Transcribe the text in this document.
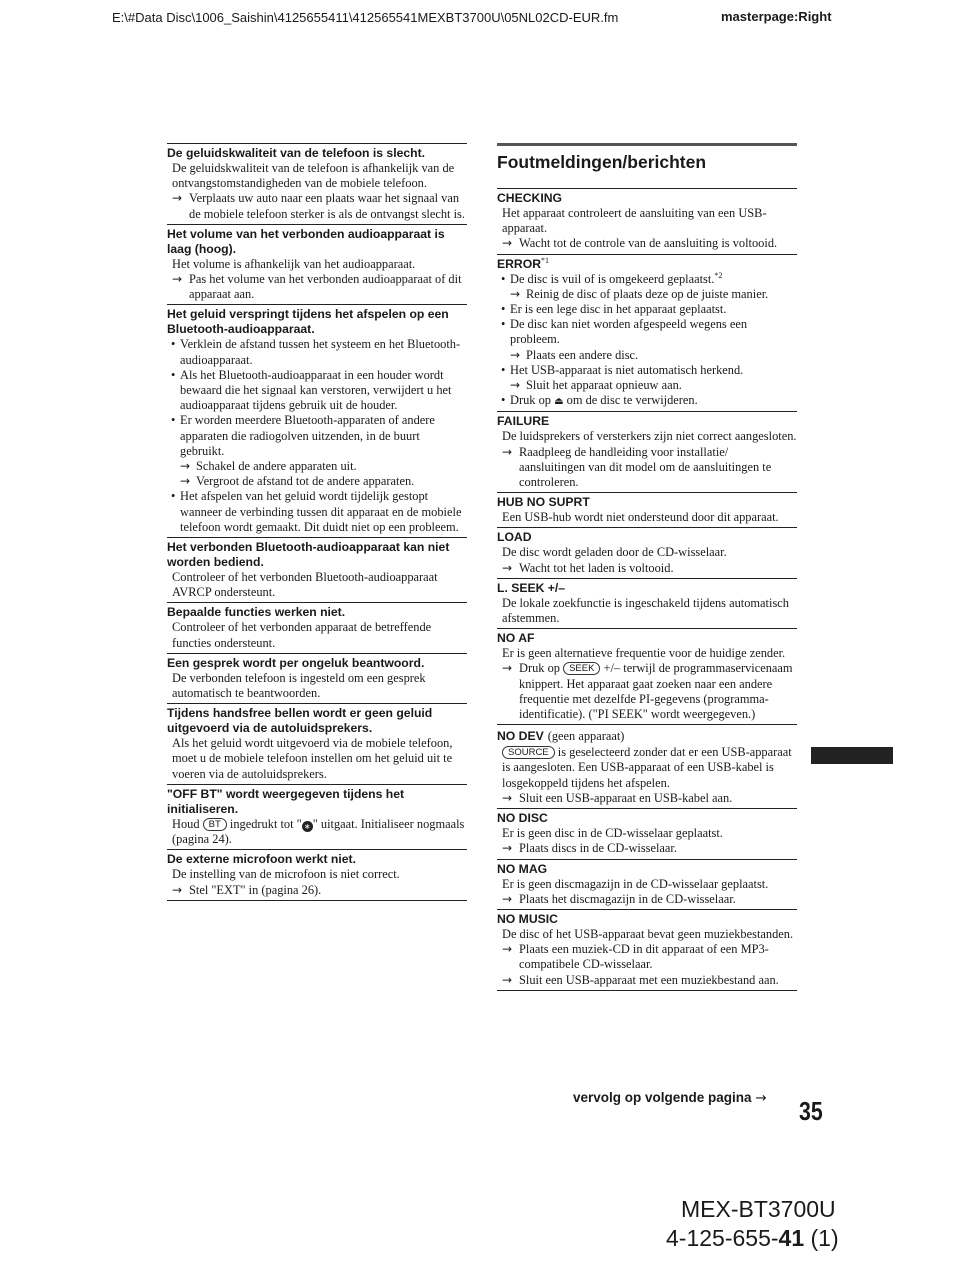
E:\#Data Disc\1006_Saishin\4125655411\412565541MEXBT3700U\05NL02CD-EUR.fm	masterpage:Right
De geluidskwaliteit van de telefoon is slecht.
De geluidskwaliteit van de telefoon is afhankelijk van de ontvangstomstandigheden van de mobiele telefoon.
→ Verplaats uw auto naar een plaats waar het signaal van de mobiele telefoon sterker is als de ontvangst slecht is.
Het volume van het verbonden audioapparaat is laag (hoog).
Het volume is afhankelijk van het audioapparaat.
→ Pas het volume van het verbonden audioapparaat of dit apparaat aan.
Het geluid verspringt tijdens het afspelen op een Bluetooth-audioapparaat.
• Verklein de afstand tussen het systeem en het Bluetooth-audioapparaat.
• Als het Bluetooth-audioapparaat in een houder wordt bewaard die het signaal kan verstoren, verwijdert u het audioapparaat tijdens gebruik uit de houder.
• Er worden meerdere Bluetooth-apparaten of andere apparaten die radiogolven uitzenden, in de buurt gebruikt.
→ Schakel de andere apparaten uit.
→ Vergroot de afstand tot de andere apparaten.
• Het afspelen van het geluid wordt tijdelijk gestopt wanneer de verbinding tussen dit apparaat en de mobiele telefoon wordt gemaakt. Dit duidt niet op een probleem.
Het verbonden Bluetooth-audioapparaat kan niet worden bediend.
Controleer of het verbonden Bluetooth-audioapparaat AVRCP ondersteunt.
Bepaalde functies werken niet.
Controleer of het verbonden apparaat de betreffende functies ondersteunt.
Een gesprek wordt per ongeluk beantwoord.
De verbonden telefoon is ingesteld om een gesprek automatisch te beantwoorden.
Tijdens handsfree bellen wordt er geen geluid uitgevoerd via de autoluidsprekers.
Als het geluid wordt uitgevoerd via de mobiele telefoon, moet u de mobiele telefoon instellen om het geluid uit te voeren via de autoluidsprekers.
"OFF BT" wordt weergegeven tijdens het initialiseren.
Houd BT ingedrukt tot " ∗ " uitgaat. Initialiseer nogmaals (pagina 24).
De externe microfoon werkt niet.
De instelling van de microfoon is niet correct.
→ Stel "EXT" in (pagina 26).
Foutmeldingen/berichten
CHECKING
Het apparaat controleert de aansluiting van een USB-apparaat.
→ Wacht tot de controle van de aansluiting is voltooid.
ERROR$^{*1}$
• De disc is vuil of is omgekeerd geplaatst.$^{*2}$
→ Reinig de disc of plaats deze op de juiste manier.
• Er is een lege disc in het apparaat geplaatst.
• De disc kan niet worden afgespeeld wegens een probleem.
→ Plaats een andere disc.
• Het USB-apparaat is niet automatisch herkend.
→ Sluit het apparaat opnieuw aan.
• Druk op ⏏ om de disc te verwijderen.
FAILURE
De luidsprekers of versterkers zijn niet correct aangesloten.
→ Raadpleeg de handleiding voor installatie/ aansluitingen van dit model om de aansluitingen te controleren.
HUB NO SUPRT
Een USB-hub wordt niet ondersteund door dit apparaat.
LOAD
De disc wordt geladen door de CD-wisselaar.
→ Wacht tot het laden is voltooid.
L. SEEK +/–
De lokale zoekfunctie is ingeschakeld tijdens automatisch afstemmen.
NO AF
Er is geen alternatieve frequentie voor de huidige zender.
→ Druk op SEEK +/– terwijl de programmaservicenaam knippert. Het apparaat gaat zoeken naar een andere frequentie met dezelfde PI-gegevens (programma-identificatie). ("PI SEEK" wordt weergegeven.)
NO DEV (geen apparaat)
SOURCE is geselecteerd zonder dat er een USB-apparaat is aangesloten. Een USB-apparaat of een USB-kabel is losgekoppeld tijdens het afspelen.
→ Sluit een USB-apparaat en USB-kabel aan.
NO DISC
Er is geen disc in de CD-wisselaar geplaatst.
→ Plaats discs in de CD-wisselaar.
NO MAG
Er is geen discmagazijn in de CD-wisselaar geplaatst.
→ Plaats het discmagazijn in de CD-wisselaar.
NO MUSIC
De disc of het USB-apparaat bevat geen muziekbestanden.
→ Plaats een muziek-CD in dit apparaat of een MP3-compatibele CD-wisselaar.
→ Sluit een USB-apparaat met een muziekbestand aan.
vervolg op volgende pagina → 35
MEX-BT3700U
4-125-655-41 (1)
